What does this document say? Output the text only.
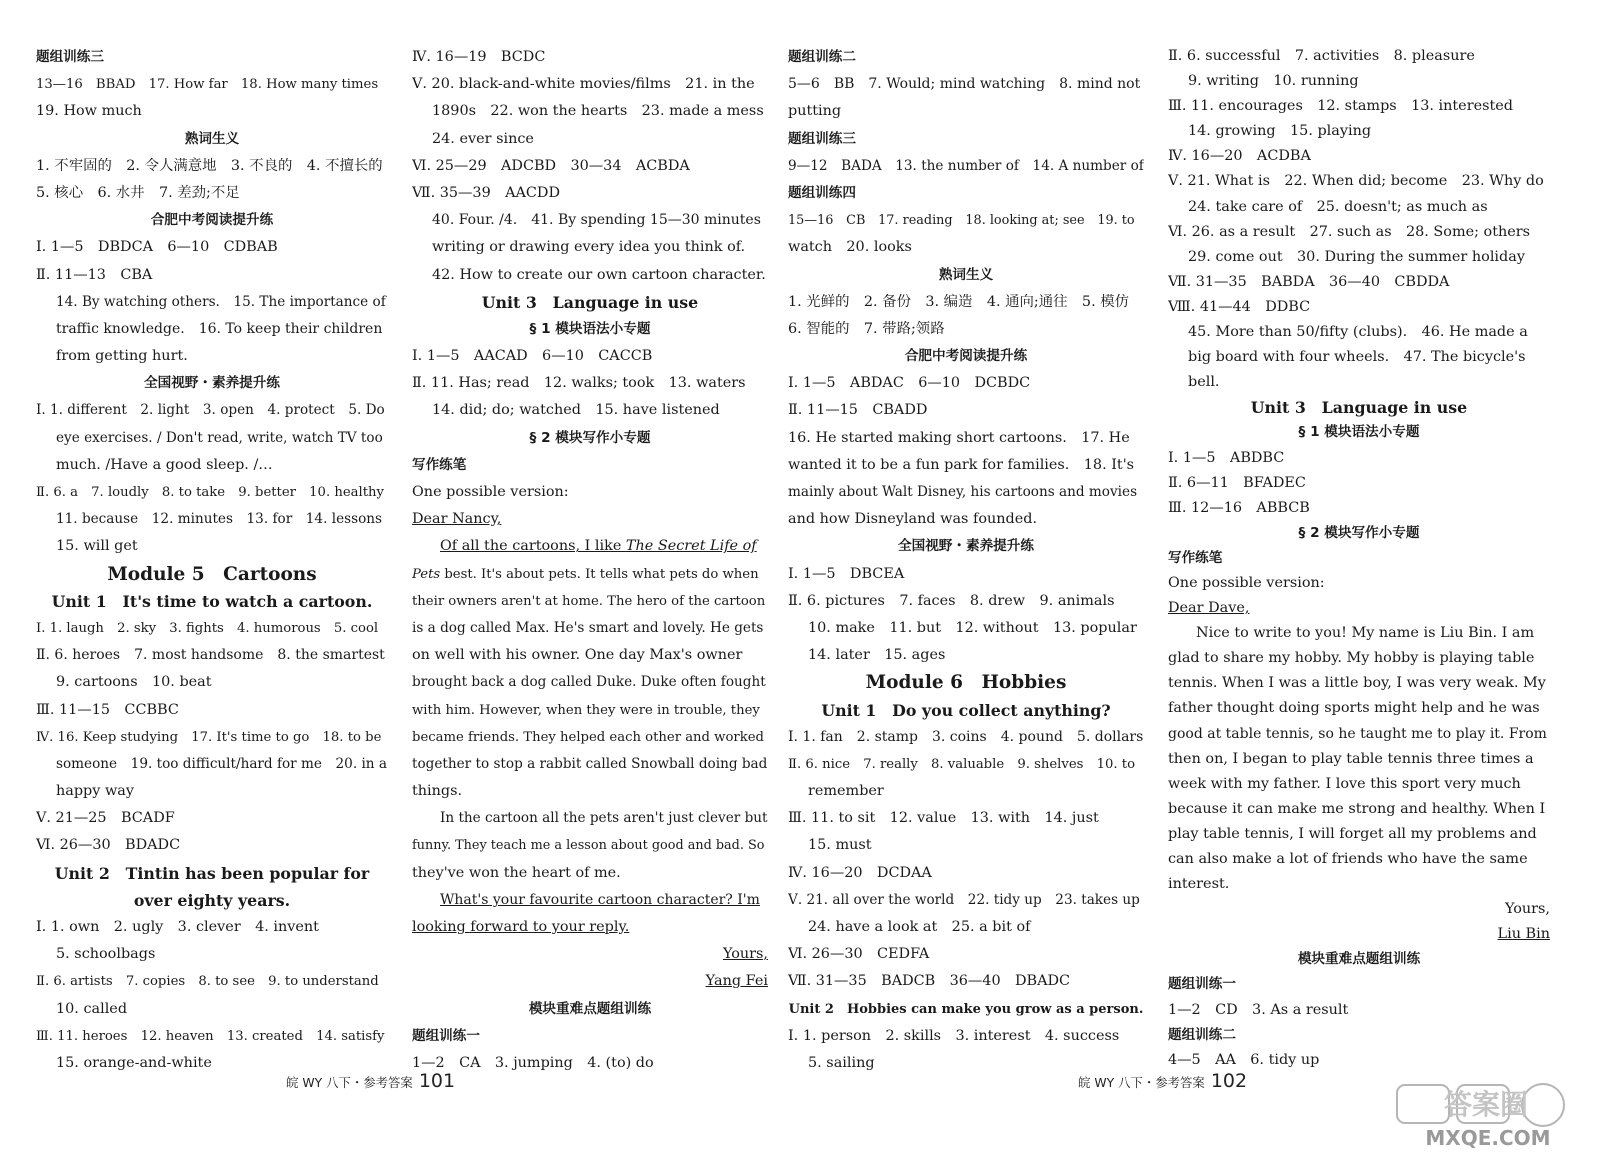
题组训练三
13—16　BBAD　17. How far　18. How many times
19. How much
熟词生义
1. 不牢固的　2. 令人满意地　3. 不良的　4. 不擅长的
5. 核心　6. 水井　7. 差劲;不足
合肥中考阅读提升练
Ⅰ. 1—5　DBDCA　6—10　CDBAB
Ⅱ. 11—13　CBA
14. By watching others.　15. The importance of
traffic knowledge.　16. To keep their children
from getting hurt.
全国视野・素养提升练
Ⅰ. 1. different　2. light　3. open　4. protect　5. Do
eye exercises. / Don't read, write, watch TV too
much. /Have a good sleep. /…
Ⅱ. 6. a　7. loudly　8. to take　9. better　10. healthy
11. because　12. minutes　13. for　14. lessons
15. will get
Module 5　Cartoons
Unit 1　It's time to watch a cartoon.
Ⅰ. 1. laugh　2. sky　3. fights　4. humorous　5. cool
Ⅱ. 6. heroes　7. most handsome　8. the smartest
9. cartoons　10. beat
Ⅲ. 11—15　CCBBC
Ⅳ. 16. Keep studying　17. It's time to go　18. to be
someone　19. too difficult/hard for me　20. in a
happy way
Ⅴ. 21—25　BCADF
Ⅵ. 26—30　BDADC
Unit 2　Tintin has been popular for
over eighty years.
Ⅰ. 1. own　2. ugly　3. clever　4. invent
5. schoolbags
Ⅱ. 6. artists　7. copies　8. to see　9. to understand
10. called
Ⅲ. 11. heroes　12. heaven　13. created　14. satisfy
15. orange-and-white
Ⅳ. 16—19　BCDC
Ⅴ. 20. black-and-white movies/films　21. in the
1890s　22. won the hearts　23. made a mess
24. ever since
Ⅵ. 25—29　ADCBD　30—34　ACBDA
Ⅶ. 35—39　AACDD
40. Four. /4.　41. By spending 15—30 minutes
writing or drawing every idea you think of.
42. How to create our own cartoon character.
Unit 3　Language in use
§ 1 模块语法小专题
Ⅰ. 1—5　AACAD　6—10　CACCB
Ⅱ. 11. Has; read　12. walks; took　13. waters
14. did; do; watched　15. have listened
§ 2 模块写作小专题
写作练笔
One possible version:
Dear Nancy,
Of all the cartoons, I like The Secret Life of
Pets best. It's about pets. It tells what pets do when
their owners aren't at home. The hero of the cartoon
is a dog called Max. He's smart and lovely. He gets
on well with his owner. One day Max's owner
brought back a dog called Duke. Duke often fought
with him. However, when they were in trouble, they
became friends. They helped each other and worked
together to stop a rabbit called Snowball doing bad
things.
In the cartoon all the pets aren't just clever but
funny. They teach me a lesson about good and bad. So
they've won the heart of me.
What's your favourite cartoon character? I'm
looking forward to your reply.
Yours,
Yang Fei
模块重难点题组训练
题组训练一
1—2　CA　3. jumping　4. (to) do
题组训练二
5—6　BB　7. Would; mind watching　8. mind not
putting
题组训练三
9—12　BADA　13. the number of　14. A number of
题组训练四
15—16　CB　17. reading　18. looking at; see　19. to
watch　20. looks
熟词生义
1. 光鲜的　2. 备份　3. 编造　4. 通向;通往　5. 模仿
6. 智能的　7. 带路;领路
合肥中考阅读提升练
Ⅰ. 1—5　ABDAC　6—10　DCBDC
Ⅱ. 11—15　CBADD
16. He started making short cartoons.　17. He
wanted it to be a fun park for families.　18. It's
mainly about Walt Disney, his cartoons and movies
and how Disneyland was founded.
全国视野・素养提升练
Ⅰ. 1—5　DBCEA
Ⅱ. 6. pictures　7. faces　8. drew　9. animals
10. make　11. but　12. without　13. popular
14. later　15. ages
Module 6　Hobbies
Unit 1　Do you collect anything?
Ⅰ. 1. fan　2. stamp　3. coins　4. pound　5. dollars
Ⅱ. 6. nice　7. really　8. valuable　9. shelves　10. to
remember
Ⅲ. 11. to sit　12. value　13. with　14. just
15. must
Ⅳ. 16—20　DCDAA
Ⅴ. 21. all over the world　22. tidy up　23. takes up
24. have a look at　25. a bit of
Ⅵ. 26—30　CEDFA
Ⅶ. 31—35　BADCB　36—40　DBADC
Unit 2　Hobbies can make you grow as a person.
Ⅰ. 1. person　2. skills　3. interest　4. success
5. sailing
Ⅱ. 6. successful　7. activities　8. pleasure
9. writing　10. running
Ⅲ. 11. encourages　12. stamps　13. interested
14. growing　15. playing
Ⅳ. 16—20　ACDBA
Ⅴ. 21. What is　22. When did; become　23. Why do
24. take care of　25. doesn't; as much as
Ⅵ. 26. as a result　27. such as　28. Some; others
29. come out　30. During the summer holiday
Ⅶ. 31—35　BABDA　36—40　CBDDA
Ⅷ. 41—44　DDBC
45. More than 50/fifty (clubs).　46. He made a
big board with four wheels.　47. The bicycle's
bell.
Unit 3　Language in use
§ 1 模块语法小专题
Ⅰ. 1—5　ABDBC
Ⅱ. 6—11　BFADEC
Ⅲ. 12—16　ABBCB
§ 2 模块写作小专题
写作练笔
One possible version:
Dear Dave,
Nice to write to you! My name is Liu Bin. I am
glad to share my hobby. My hobby is playing table
tennis. When I was a little boy, I was very weak. My
father thought doing sports might help and he was
good at table tennis, so he taught me to play it. From
then on, I began to play table tennis three times a
week with my father. I love this sport very much
because it can make me strong and healthy. When I
play table tennis, I will forget all my problems and
can also make a lot of friends who have the same
interest.
Yours,
Liu Bin
模块重难点题组训练
题组训练一
1—2　CD　3. As a result
题组训练二
4—5　AA　6. tidy up
皖 WY 八下・参考答案 101	皖 WY 八下・参考答案 102
答案圈
MXQE.COM
